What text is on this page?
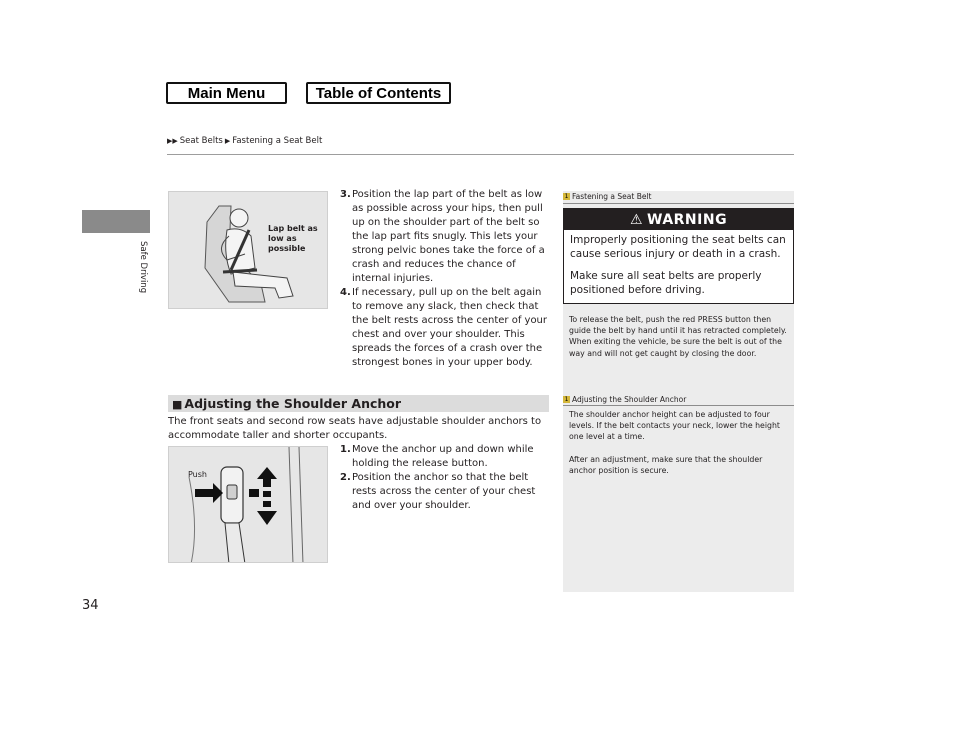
Main Menu	Table of Contents
▶▶ Seat Belts ▶ Fastening a Seat Belt
Safe Driving
34
Lap belt as low as possible
3. Position the lap part of the belt as low as possible across your hips, then pull up on the shoulder part of the belt so the lap part fits snugly. This lets your strong pelvic bones take the force of a crash and reduces the chance of internal injuries.
4. If necessary, pull up on the belt again to remove any slack, then check that the belt rests across the center of your chest and over your shoulder. This spreads the forces of a crash over the strongest bones in your upper body.
■ Adjusting the Shoulder Anchor
The front seats and second row seats have adjustable shoulder anchors to accommodate taller and shorter occupants.
Push
1. Move the anchor up and down while holding the release button.
2. Position the anchor so that the belt rests across the center of your chest and over your shoulder.
1 Fastening a Seat Belt
⚠ WARNING
Improperly positioning the seat belts can cause serious injury or death in a crash.
Make sure all seat belts are properly positioned before driving.

To release the belt, push the red PRESS button then guide the belt by hand until it has retracted completely.

When exiting the vehicle, be sure the belt is out of the way and will not get caught by closing the door.

1 Adjusting the Shoulder Anchor

The shoulder anchor height can be adjusted to four levels. If the belt contacts your neck, lower the height one level at a time.

After an adjustment, make sure that the shoulder anchor position is secure.
